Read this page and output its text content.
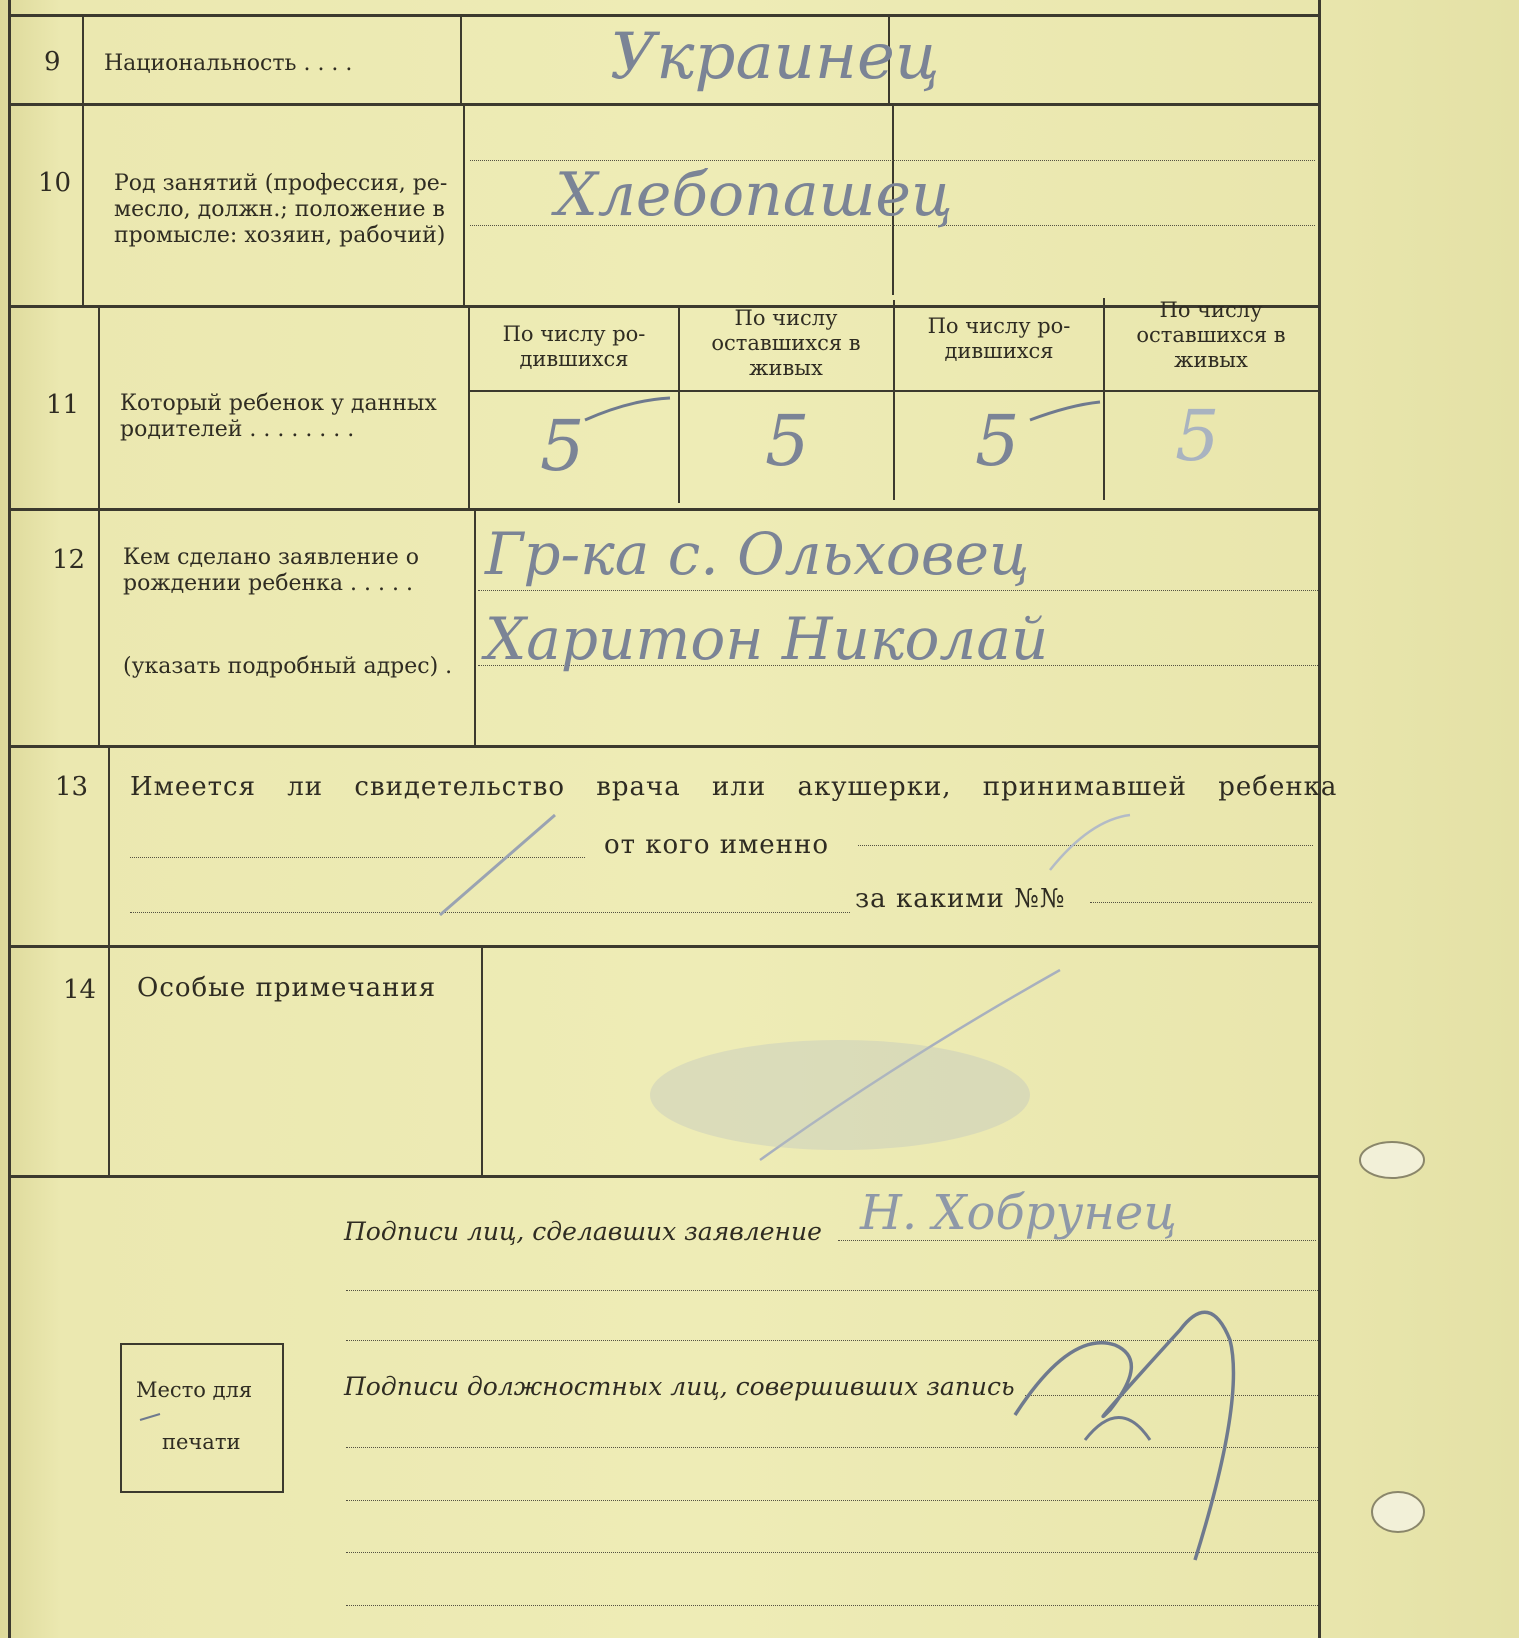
9 Национальность . . . .	Украинец
10 Род занятий (профессия, ре-
месло, должн.; положение в
промысле: хозяин, рабочий)
Хлебопашец
11 Который ребенок у данных
родителей . . . . . . . .
По числу ро-
дившихся
По числу
оставшихся в
живых
По числу ро-
дившихся
По числу
оставшихся в
живых
5	5 5 5
12 Кем сделано заявление о
рождении ребенка . . . . .
(указать подробный адрес) .
Гр-ка с. Ольховец
Харитон Николай
13 Имеется ли свидетельство врача или акушерки, принимавшей ребенка
от кого именно
за какими №№
14 Особые примечания
Подписи лиц, сделавших заявление Н. Хобрунец
Подписи должностных лиц, совершивших запись
Место для
печати
